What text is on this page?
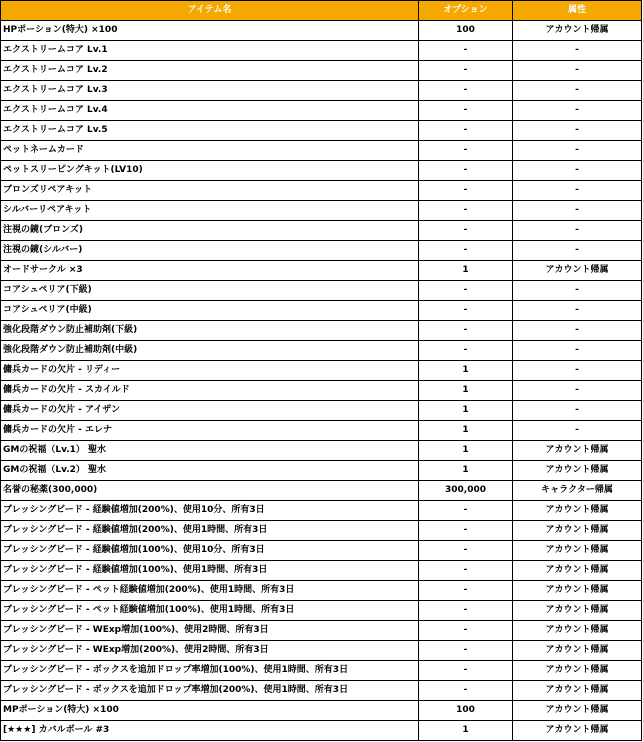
アイテム名	オプション	属性
HPポーション(特大) ×100	100	アカウント帰属
エクストリームコア Lv.1	-	-
エクストリームコア Lv.2	-	-
エクストリームコア Lv.3	-	-
エクストリームコア Lv.4	-	-
エクストリームコア Lv.5	-	-
ペットネームカード	-	-
ペットスリーピングキット(LV10)	-	-
ブロンズリペアキット	-	-
シルバーリペアキット	-	-
注視の鏡(ブロンズ)	-	-
注視の鏡(シルバー)	-	-
オードサークル ×3	1	アカウント帰属
コアシュペリア(下級)	-	-
コアシュペリア(中級)	-	-
強化段階ダウン防止補助剤(下級)	-	-
強化段階ダウン防止補助剤(中級)	-	-
傭兵カードの欠片 - リディー	1	-
傭兵カードの欠片 - スカイルド	1	-
傭兵カードの欠片 - アイザン	1	-
傭兵カードの欠片 - エレナ	1	-
GMの祝福（Lv.1） 聖水	1	アカウント帰属
GMの祝福（Lv.2） 聖水	1	アカウント帰属
名誉の秘薬(300,000)	300,000	キャラクター帰属
ブレッシングビード - 経験値増加(200%)、使用10分、所有3日	-	アカウント帰属
ブレッシングビード - 経験値増加(200%)、使用1時間、所有3日	-	アカウント帰属
ブレッシングビード - 経験値増加(100%)、使用10分、所有3日	-	アカウント帰属
ブレッシングビード - 経験値増加(100%)、使用1時間、所有3日	-	アカウント帰属
ブレッシングビード - ペット経験値増加(200%)、使用1時間、所有3日	-	アカウント帰属
ブレッシングビード - ペット経験値増加(100%)、使用1時間、所有3日	-	アカウント帰属
ブレッシングビード - WExp増加(100%)、使用2時間、所有3日	-	アカウント帰属
ブレッシングビード - WExp増加(200%)、使用2時間、所有3日	-	アカウント帰属
ブレッシングビード - ボックスを追加ドロップ率増加(100%)、使用1時間、所有3日	-	アカウント帰属
ブレッシングビード - ボックスを追加ドロップ率増加(200%)、使用1時間、所有3日	-	アカウント帰属
MPポーション(特大) ×100	100	アカウント帰属
[★★★] カバルボール #3	1	アカウント帰属
